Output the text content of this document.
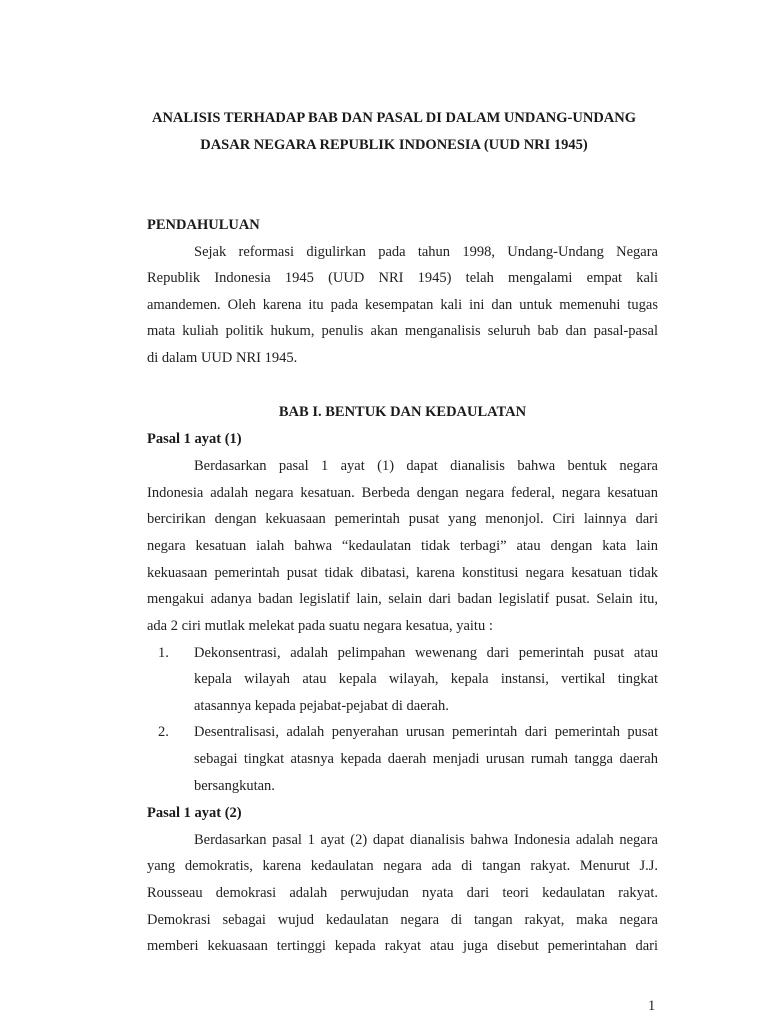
ANALISIS TERHADAP BAB DAN PASAL DI DALAM UNDANG-UNDANG
DASAR NEGARA REPUBLIK INDONESIA (UUD NRI 1945)
PENDAHULUAN
Sejak reformasi digulirkan pada tahun 1998, Undang-Undang Negara
Republik Indonesia 1945 (UUD NRI 1945) telah mengalami empat kali
amandemen. Oleh karena itu pada kesempatan kali ini dan untuk memenuhi tugas
mata kuliah politik hukum, penulis akan menganalisis seluruh bab dan pasal-pasal
di dalam UUD NRI 1945.
BAB I. BENTUK DAN KEDAULATAN
Pasal 1 ayat (1)
Berdasarkan pasal 1 ayat (1) dapat dianalisis bahwa bentuk negara
Indonesia adalah negara kesatuan. Berbeda dengan negara federal, negara kesatuan
bercirikan dengan kekuasaan pemerintah pusat yang menonjol. Ciri lainnya dari
negara kesatuan ialah bahwa “kedaulatan tidak terbagi” atau dengan kata lain
kekuasaan pemerintah pusat tidak dibatasi, karena konstitusi negara kesatuan tidak
mengakui adanya badan legislatif lain, selain dari badan legislatif pusat. Selain itu,
ada 2 ciri mutlak melekat pada suatu negara kesatua, yaitu :
1. Dekonsentrasi, adalah pelimpahan wewenang dari pemerintah pusat atau
kepala wilayah atau kepala wilayah, kepala instansi, vertikal tingkat
atasannya kepada pejabat-pejabat di daerah.
2. Desentralisasi, adalah penyerahan urusan pemerintah dari pemerintah pusat
sebagai tingkat atasnya kepada daerah menjadi urusan rumah tangga daerah
bersangkutan.
Pasal 1 ayat (2)
Berdasarkan pasal 1 ayat (2) dapat dianalisis bahwa Indonesia adalah negara
yang demokratis, karena kedaulatan negara ada di tangan rakyat. Menurut J.J.
Rousseau demokrasi adalah perwujudan nyata dari teori kedaulatan rakyat.
Demokrasi sebagai wujud kedaulatan negara di tangan rakyat, maka negara
memberi kekuasaan tertinggi kepada rakyat atau juga disebut pemerintahan dari
1
